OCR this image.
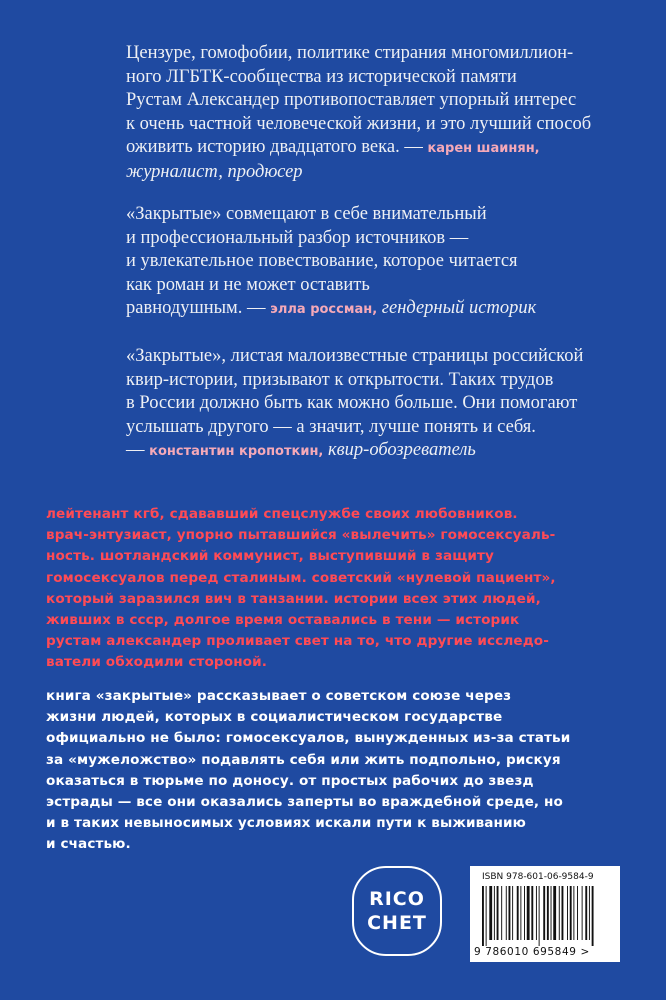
Цензуре, гомофобии, политике стирания многомиллион-
ного ЛГБТК-сообщества из исторической памяти
Рустам Александер противопоставляет упорный интерес
к очень частной человеческой жизни, и это лучший способ
оживить историю двадцатого века. — карен шаинян,
журналист, продюсер
«Закрытые» совмещают в себе внимательный
и профессиональный разбор источников —
и увлекательное повествование, которое читается
как роман и не может оставить
равнодушным. — элла россман, гендерный историк
«Закрытые», листая малоизвестные страницы российской
квир-истории, призывают к открытости. Таких трудов
в России должно быть как можно больше. Они помогают
услышать другого — а значит, лучше понять и себя.
— константин кропоткин, квир-обозреватель
лейтенант кгб, сдававший спецслужбе своих любовников.
врач-энтузиаст, упорно пытавшийся «вылечить» гомосексуаль-
ность. шотландский коммунист, выступивший в защиту
гомосексуалов перед сталиным. советский «нулевой пациент»,
который заразился вич в танзании. истории всех этих людей,
живших в ссср, долгое время оставались в тени — историк
рустам александер проливает свет на то, что другие исследо-
ватели обходили стороной.
книга «закрытые» рассказывает о советском союзе через
жизни людей, которых в социалистическом государстве
официально не было: гомосексуалов, вынужденных из-за статьи
за «мужеложство» подавлять себя или жить подпольно, рискуя
оказаться в тюрьме по доносу. от простых рабочих до звезд
эстрады — все они оказались заперты во враждебной среде, но
и в таких невыносимых условиях искали пути к выживанию
и счастью.
RICO
CHET
ISBN 978-601-06-9584-9
9 786010 695849 >
